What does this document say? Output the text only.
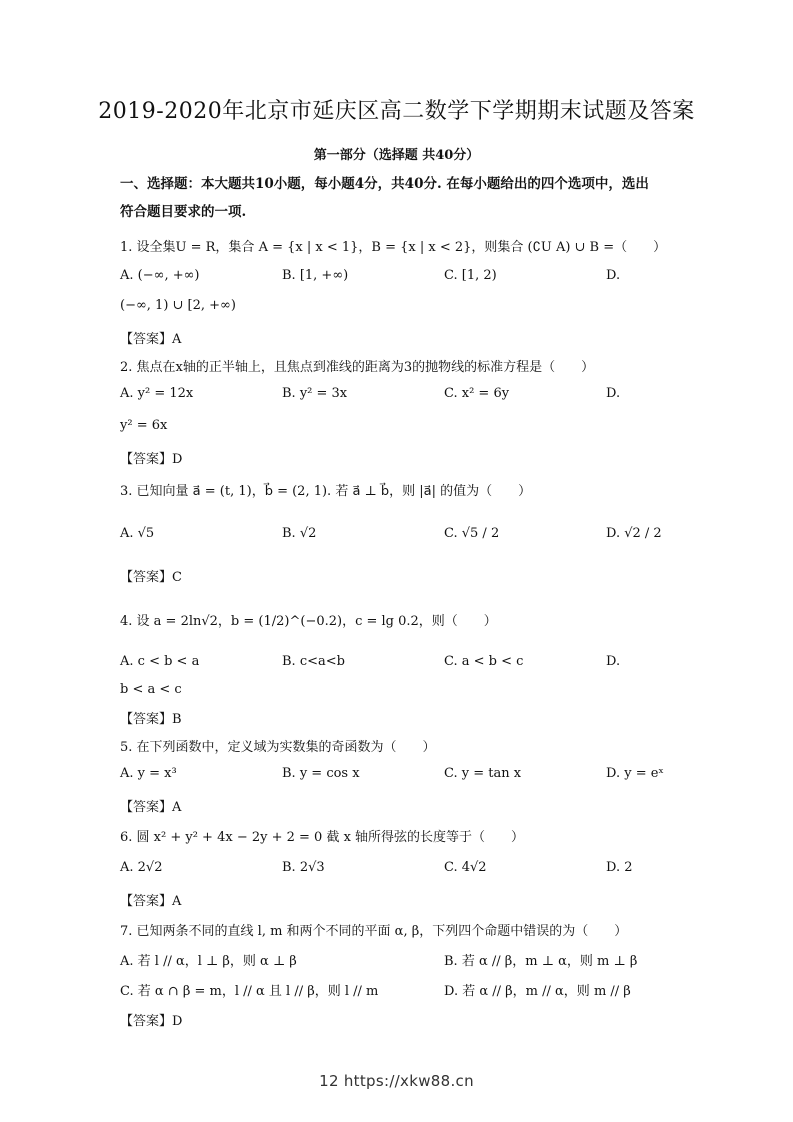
2019-2020年北京市延庆区高二数学下学期期末试题及答案
第一部分（选择题 共40分）
一、选择题：本大题共10小题，每小题4分，共40分. 在每小题给出的四个选项中，选出
符合题目要求的一项.
1. 设全集U = R，集合 A = {x | x < 1}，B = {x | x < 2}，则集合 (∁U A) ∪ B =（　　）
A. (−∞, +∞)	B. [1, +∞)	C. [1, 2)	D.
(−∞, 1) ∪ [2, +∞)
【答案】A
2. 焦点在x轴的正半轴上，且焦点到准线的距离为3的抛物线的标准方程是（　　）
A. y² = 12x	B. y² = 3x	C. x² = 6y	D.
y² = 6x
【答案】D
3. 已知向量 a⃗ = (t, 1)，b⃗ = (2, 1). 若 a⃗ ⊥ b⃗，则 |a⃗| 的值为（　　）
A. √5	B. √2	C. √5 / 2	D. √2 / 2
【答案】C
4. 设 a = 2ln√2，b = (1/2)^(−0.2)，c = lg 0.2，则（　　）
A. c < b < a	B. c<a<b	C. a < b < c	D.
b < a < c
【答案】B
5. 在下列函数中，定义域为实数集的奇函数为（　　）
A. y = x³	B. y = cos x	C. y = tan x	D. y = eˣ
【答案】A
6. 圆 x² + y² + 4x − 2y + 2 = 0 截 x 轴所得弦的长度等于（　　）
A. 2√2	B. 2√3	C. 4√2	D. 2
【答案】A
7. 已知两条不同的直线 l, m 和两个不同的平面 α, β，下列四个命题中错误的为（　　）
A. 若 l // α，l ⊥ β，则 α ⊥ β	B. 若 α // β，m ⊥ α，则 m ⊥ β
C. 若 α ∩ β = m，l // α 且 l // β，则 l // m	D. 若 α // β，m // α，则 m // β
【答案】D
12 https://xkw88.cn
